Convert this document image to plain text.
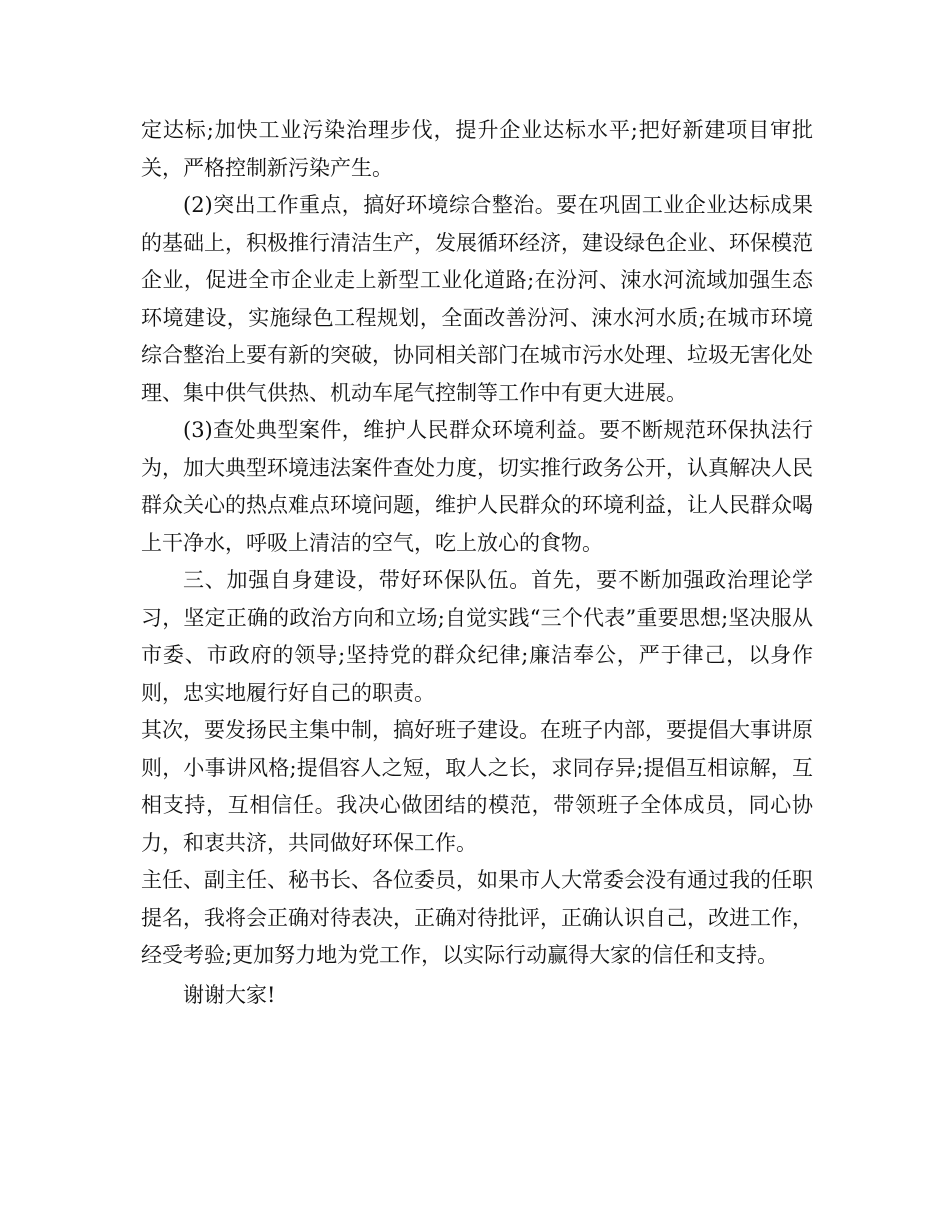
定达标;加快工业污染治理步伐，提升企业达标水平;把好新建项目审批关，严格控制新污染产生。

(2)突出工作重点，搞好环境综合整治。要在巩固工业企业达标成果的基础上，积极推行清洁生产，发展循环经济，建设绿色企业、环保模范企业，促进全市企业走上新型工业化道路;在汾河、涑水河流域加强生态环境建设，实施绿色工程规划，全面改善汾河、涑水河水质;在城市环境综合整治上要有新的突破，协同相关部门在城市污水处理、垃圾无害化处理、集中供气供热、机动车尾气控制等工作中有更大进展。

(3)查处典型案件，维护人民群众环境利益。要不断规范环保执法行为，加大典型环境违法案件查处力度，切实推行政务公开，认真解决人民群众关心的热点难点环境问题，维护人民群众的环境利益，让人民群众喝上干净水，呼吸上清洁的空气，吃上放心的食物。

三、加强自身建设，带好环保队伍。首先，要不断加强政治理论学习，坚定正确的政治方向和立场;自觉实践“三个代表”重要思想;坚决服从市委、市政府的领导;坚持党的群众纪律;廉洁奉公，严于律己，以身作则，忠实地履行好自己的职责。

其次，要发扬民主集中制，搞好班子建设。在班子内部，要提倡大事讲原则，小事讲风格;提倡容人之短，取人之长，求同存异;提倡互相谅解，互相支持，互相信任。我决心做团结的模范，带领班子全体成员，同心协力，和衷共济，共同做好环保工作。

主任、副主任、秘书长、各位委员，如果市人大常委会没有通过我的任职提名，我将会正确对待表决，正确对待批评，正确认识自己，改进工作，经受考验;更加努力地为党工作，以实际行动赢得大家的信任和支持。

谢谢大家!
